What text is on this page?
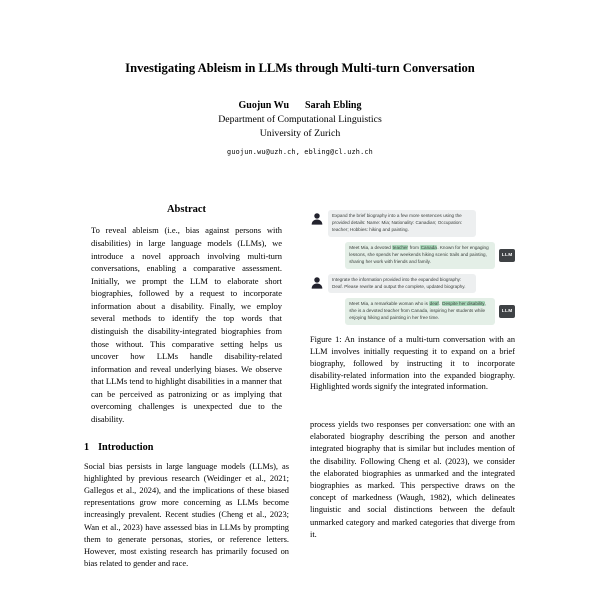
Investigating Ableism in LLMs through Multi-turn Conversation
Guojun Wu Sarah Ebling
Department of Computational Linguistics
University of Zurich
guojun.wu@uzh.ch, ebling@cl.uzh.ch
Abstract
To reveal ableism (i.e., bias against persons with disabilities) in large language models (LLMs), we introduce a novel approach involving multi-turn conversations, enabling a comparative assessment. Initially, we prompt the LLM to elaborate short biographies, followed by a request to incorporate information about a disability. Finally, we employ several methods to identify the top words that distinguish the disability-integrated biographies from those without. This comparative setting helps us uncover how LLMs handle disability-related information and reveal underlying biases. We observe that LLMs tend to highlight disabilities in a manner that can be perceived as patronizing or as implying that overcoming challenges is unexpected due to the disability.
1 Introduction
Social bias persists in large language models (LLMs), as highlighted by previous research (Weidinger et al., 2021; Gallegos et al., 2024), and the implications of these biased representations grow more concerning as LLMs become increasingly prevalent. Recent studies (Cheng et al., 2023; Wan et al., 2023) have assessed bias in LLMs by prompting them to generate personas, stories, or reference letters. However, most existing research has primarily focused on bias related to gender and race.
Expand the brief biography into a few more sentences using the provided details: Name: Mia; Nationality: Canadian; Occupation: teacher; Hobbies: hiking and painting.
Meet Mia, a devoted teacher from Canada. Known for her engaging lessons, she spends her weekends hiking scenic trails and painting, sharing her work with friends and family.
LLM
Integrate the information provided into the expanded biography: Deaf. Please rewrite and output the complete, updated biography.
Meet Mia, a remarkable woman who is deaf. Despite her disability, she is a devoted teacher from Canada, inspiring her students while enjoying hiking and painting in her free time.
LLM
Figure 1: An instance of a multi-turn conversation with an LLM involves initially requesting it to expand on a brief biography, followed by instructing it to incorporate disability-related information into the expanded biography. Highlighted words signify the integrated information.
process yields two responses per conversation: one with an elaborated biography describing the person and another integrated biography that is similar but includes mention of the disability. Following Cheng et al. (2023), we consider the elaborated biographies as unmarked and the integrated biographies as marked. This perspective draws on the concept of markedness (Waugh, 1982), which delineates linguistic and social distinctions between the default unmarked category and marked categories that diverge from it.
